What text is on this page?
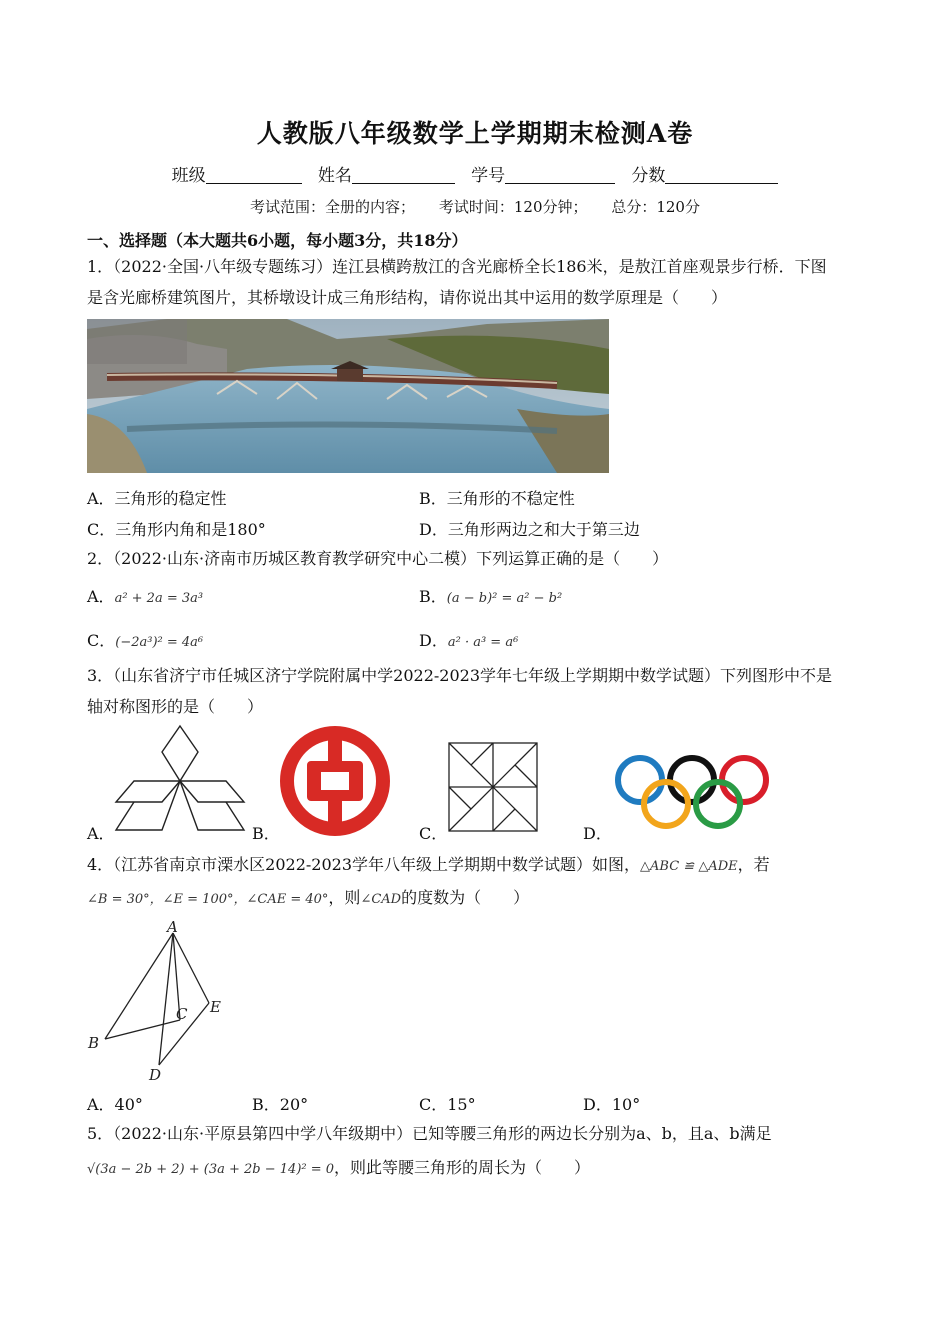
人教版八年级数学上学期期末检测A卷
班级	姓名	学号	分数
考试范围：全册的内容； 考试时间：120分钟； 总分：120分
一、选择题（本大题共6小题，每小题3分，共18分）
1．（2022·全国·八年级专题练习）连江县横跨敖江的含光廊桥全长186米，是敖江首座观景步行桥．下图
是含光廊桥建筑图片，其桥墩设计成三角形结构，请你说出其中运用的数学原理是（　　）
A．三角形的稳定性	B．三角形的不稳定性
C．三角形内角和是180°	D．三角形两边之和大于第三边
2．（2022·山东·济南市历城区教育教学研究中心二模）下列运算正确的是（　　）
A．a² + 2a = 3a³	B．(a − b)² = a² − b²
C．(−2a³)² = 4a⁶	D．a² · a³ = a⁶
3．（山东省济宁市任城区济宁学院附属中学2022-2023学年七年级上学期期中数学试题）下列图形中不是
轴对称图形的是（　　）
A．	B．	C．	D．
4．（江苏省南京市溧水区2022-2023学年八年级上学期期中数学试题）如图，△ABC ≌ △ADE，若
∠B = 30°，∠E = 100°，∠CAE = 40°，则∠CAD的度数为（　　）
A
B
C
D
E
A．40°	B．20°	C．15°	D．10°
5．（2022·山东·平原县第四中学八年级期中）已知等腰三角形的两边长分别为a、b，且a、b满足
√(3a − 2b + 2) + (3a + 2b − 14)² = 0，则此等腰三角形的周长为（　　）
